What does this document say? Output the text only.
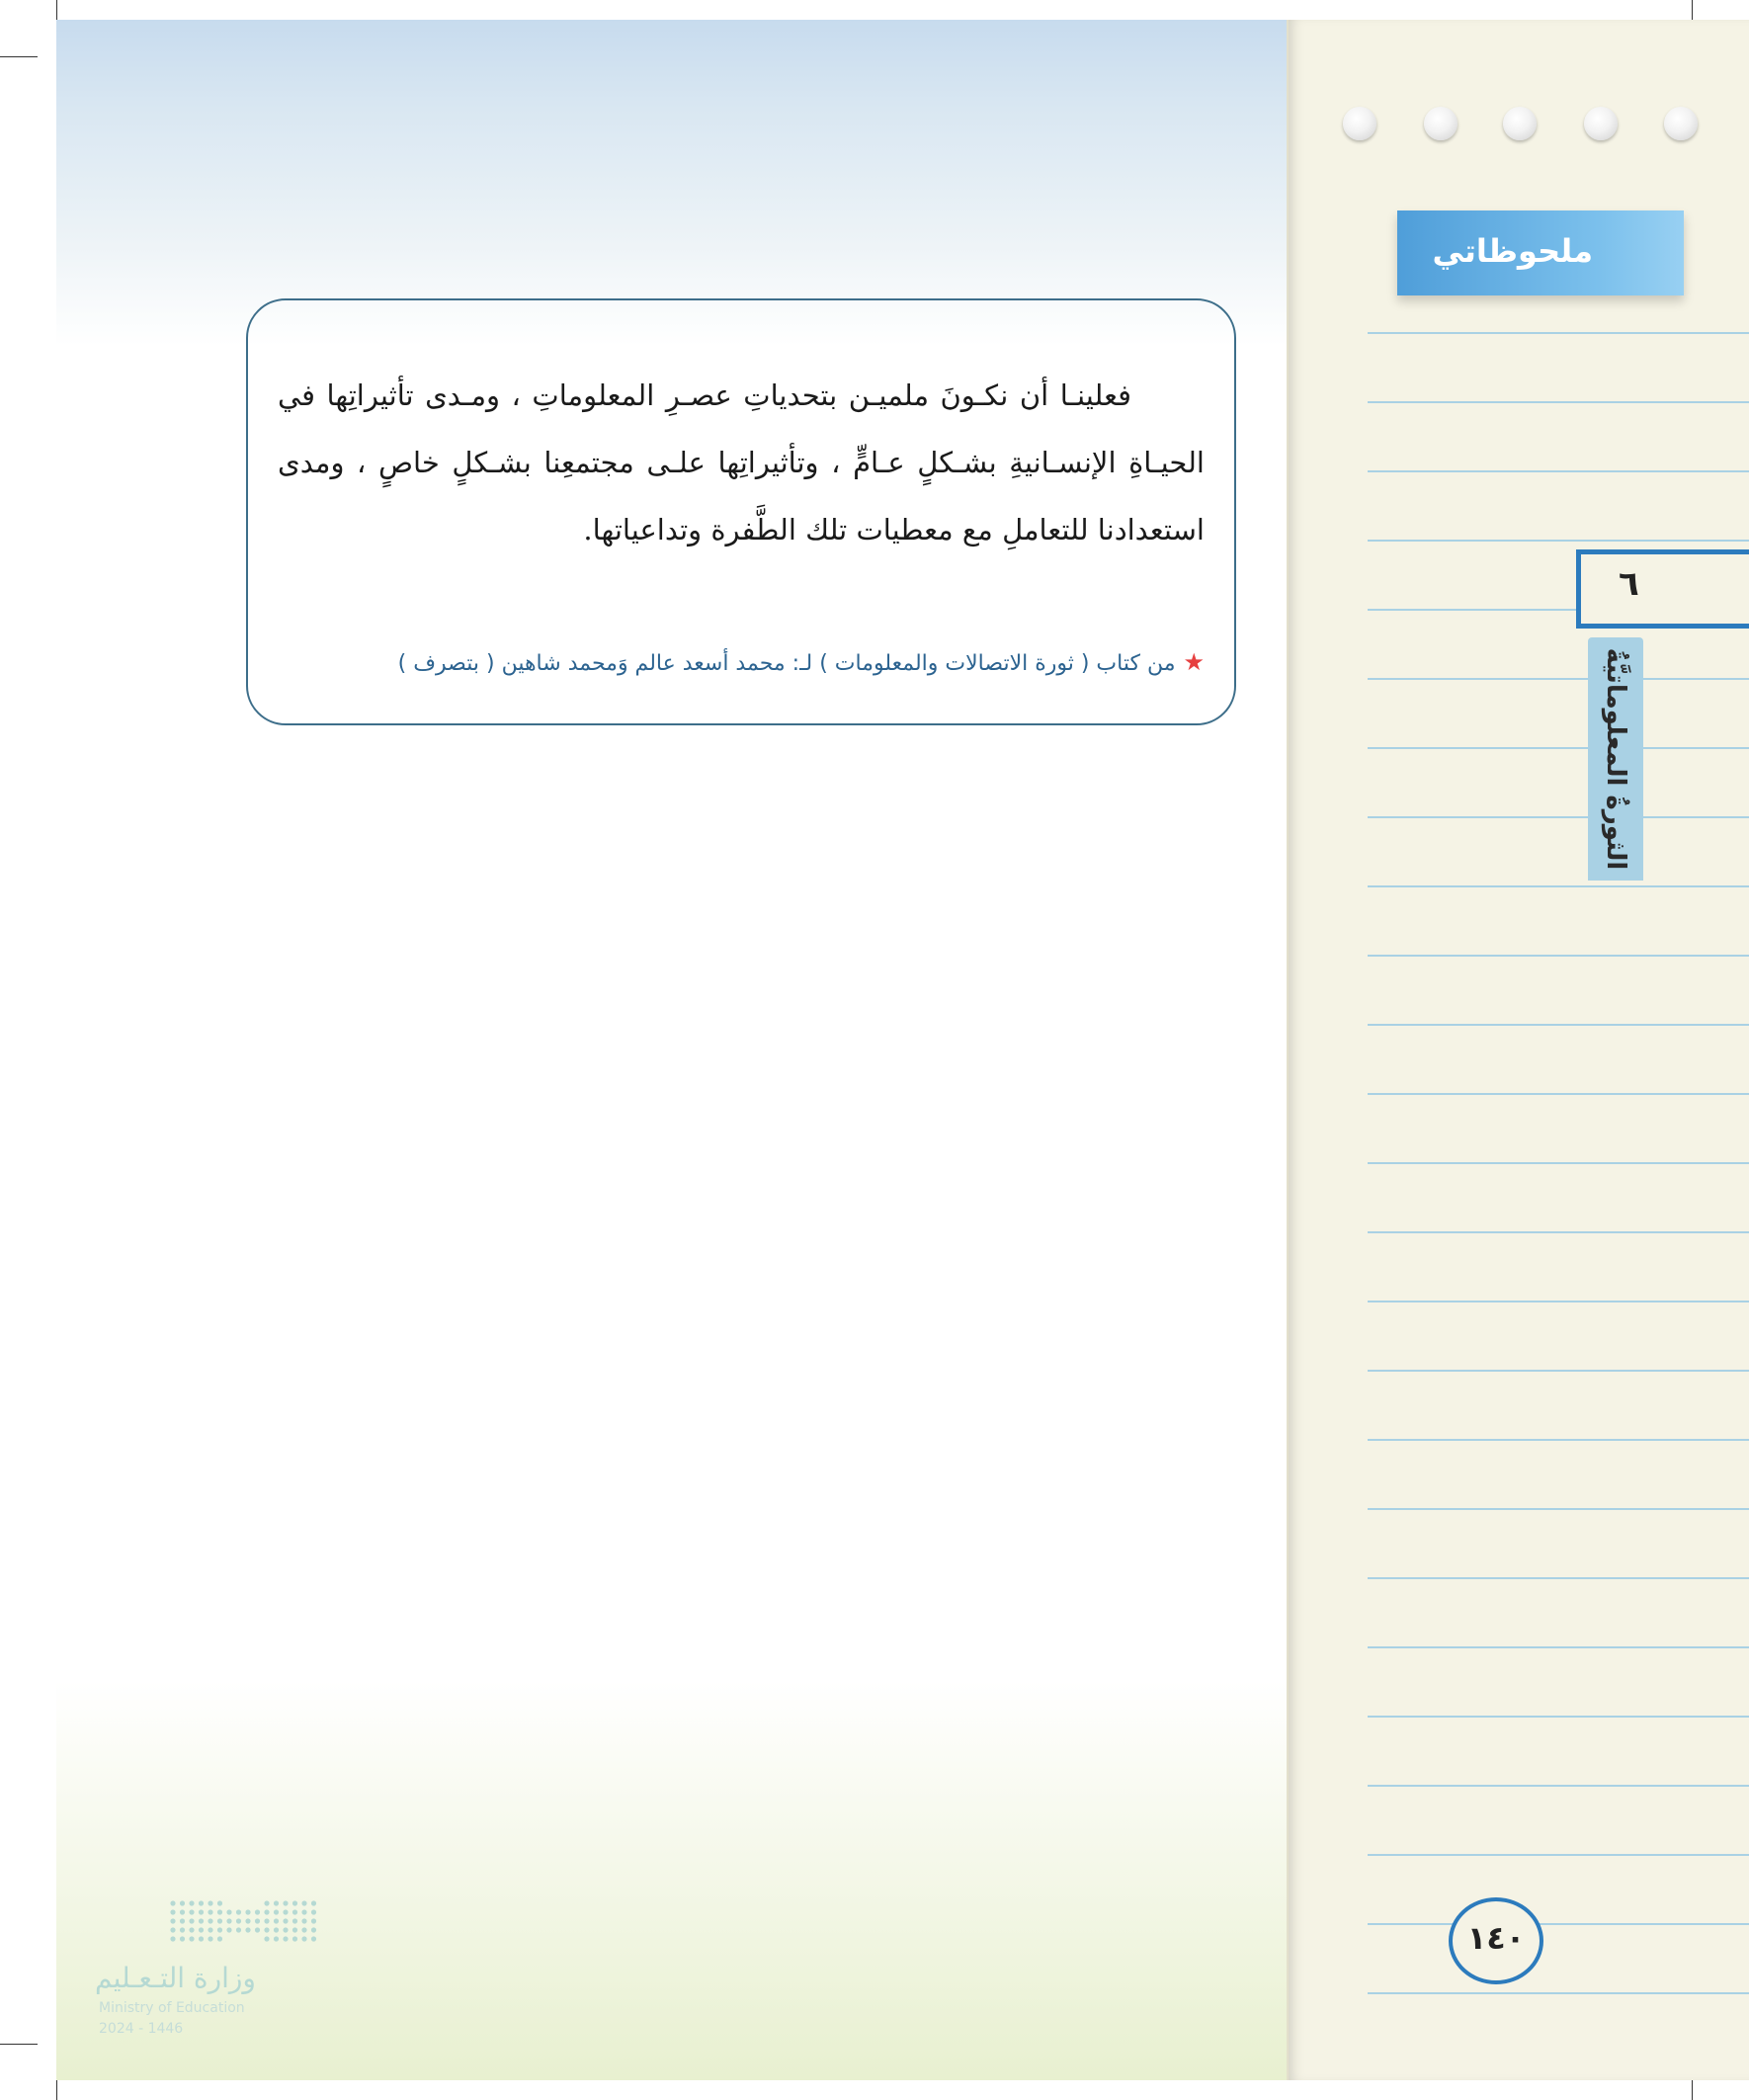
ملحوظاتي
٦
الثورةُ المعلوماتيَّةُ
١٤٠
فعلينـا أن نكـونَ ملميـن بتحدياتِ عصـرِ المعلوماتِ ، ومـدى تأثيراتِها في الحيـاةِ الإنسـانيةِ بشـكلٍ عـامٍّ ، وتأثيراتِها علـى مجتمعِنا بشـكلٍ خاصٍ ، ومدى استعدادنا للتعاملِ مع معطيات تلك الطَّفرة وتداعياتها.
★من كتاب ( ثورة الاتصالات والمعلومات ) لـ: محمد أسعد عالم وَمحمد شاهين ( بتصرف )
وزارة التـعـليم
Ministry of Education
2024 - 1446
